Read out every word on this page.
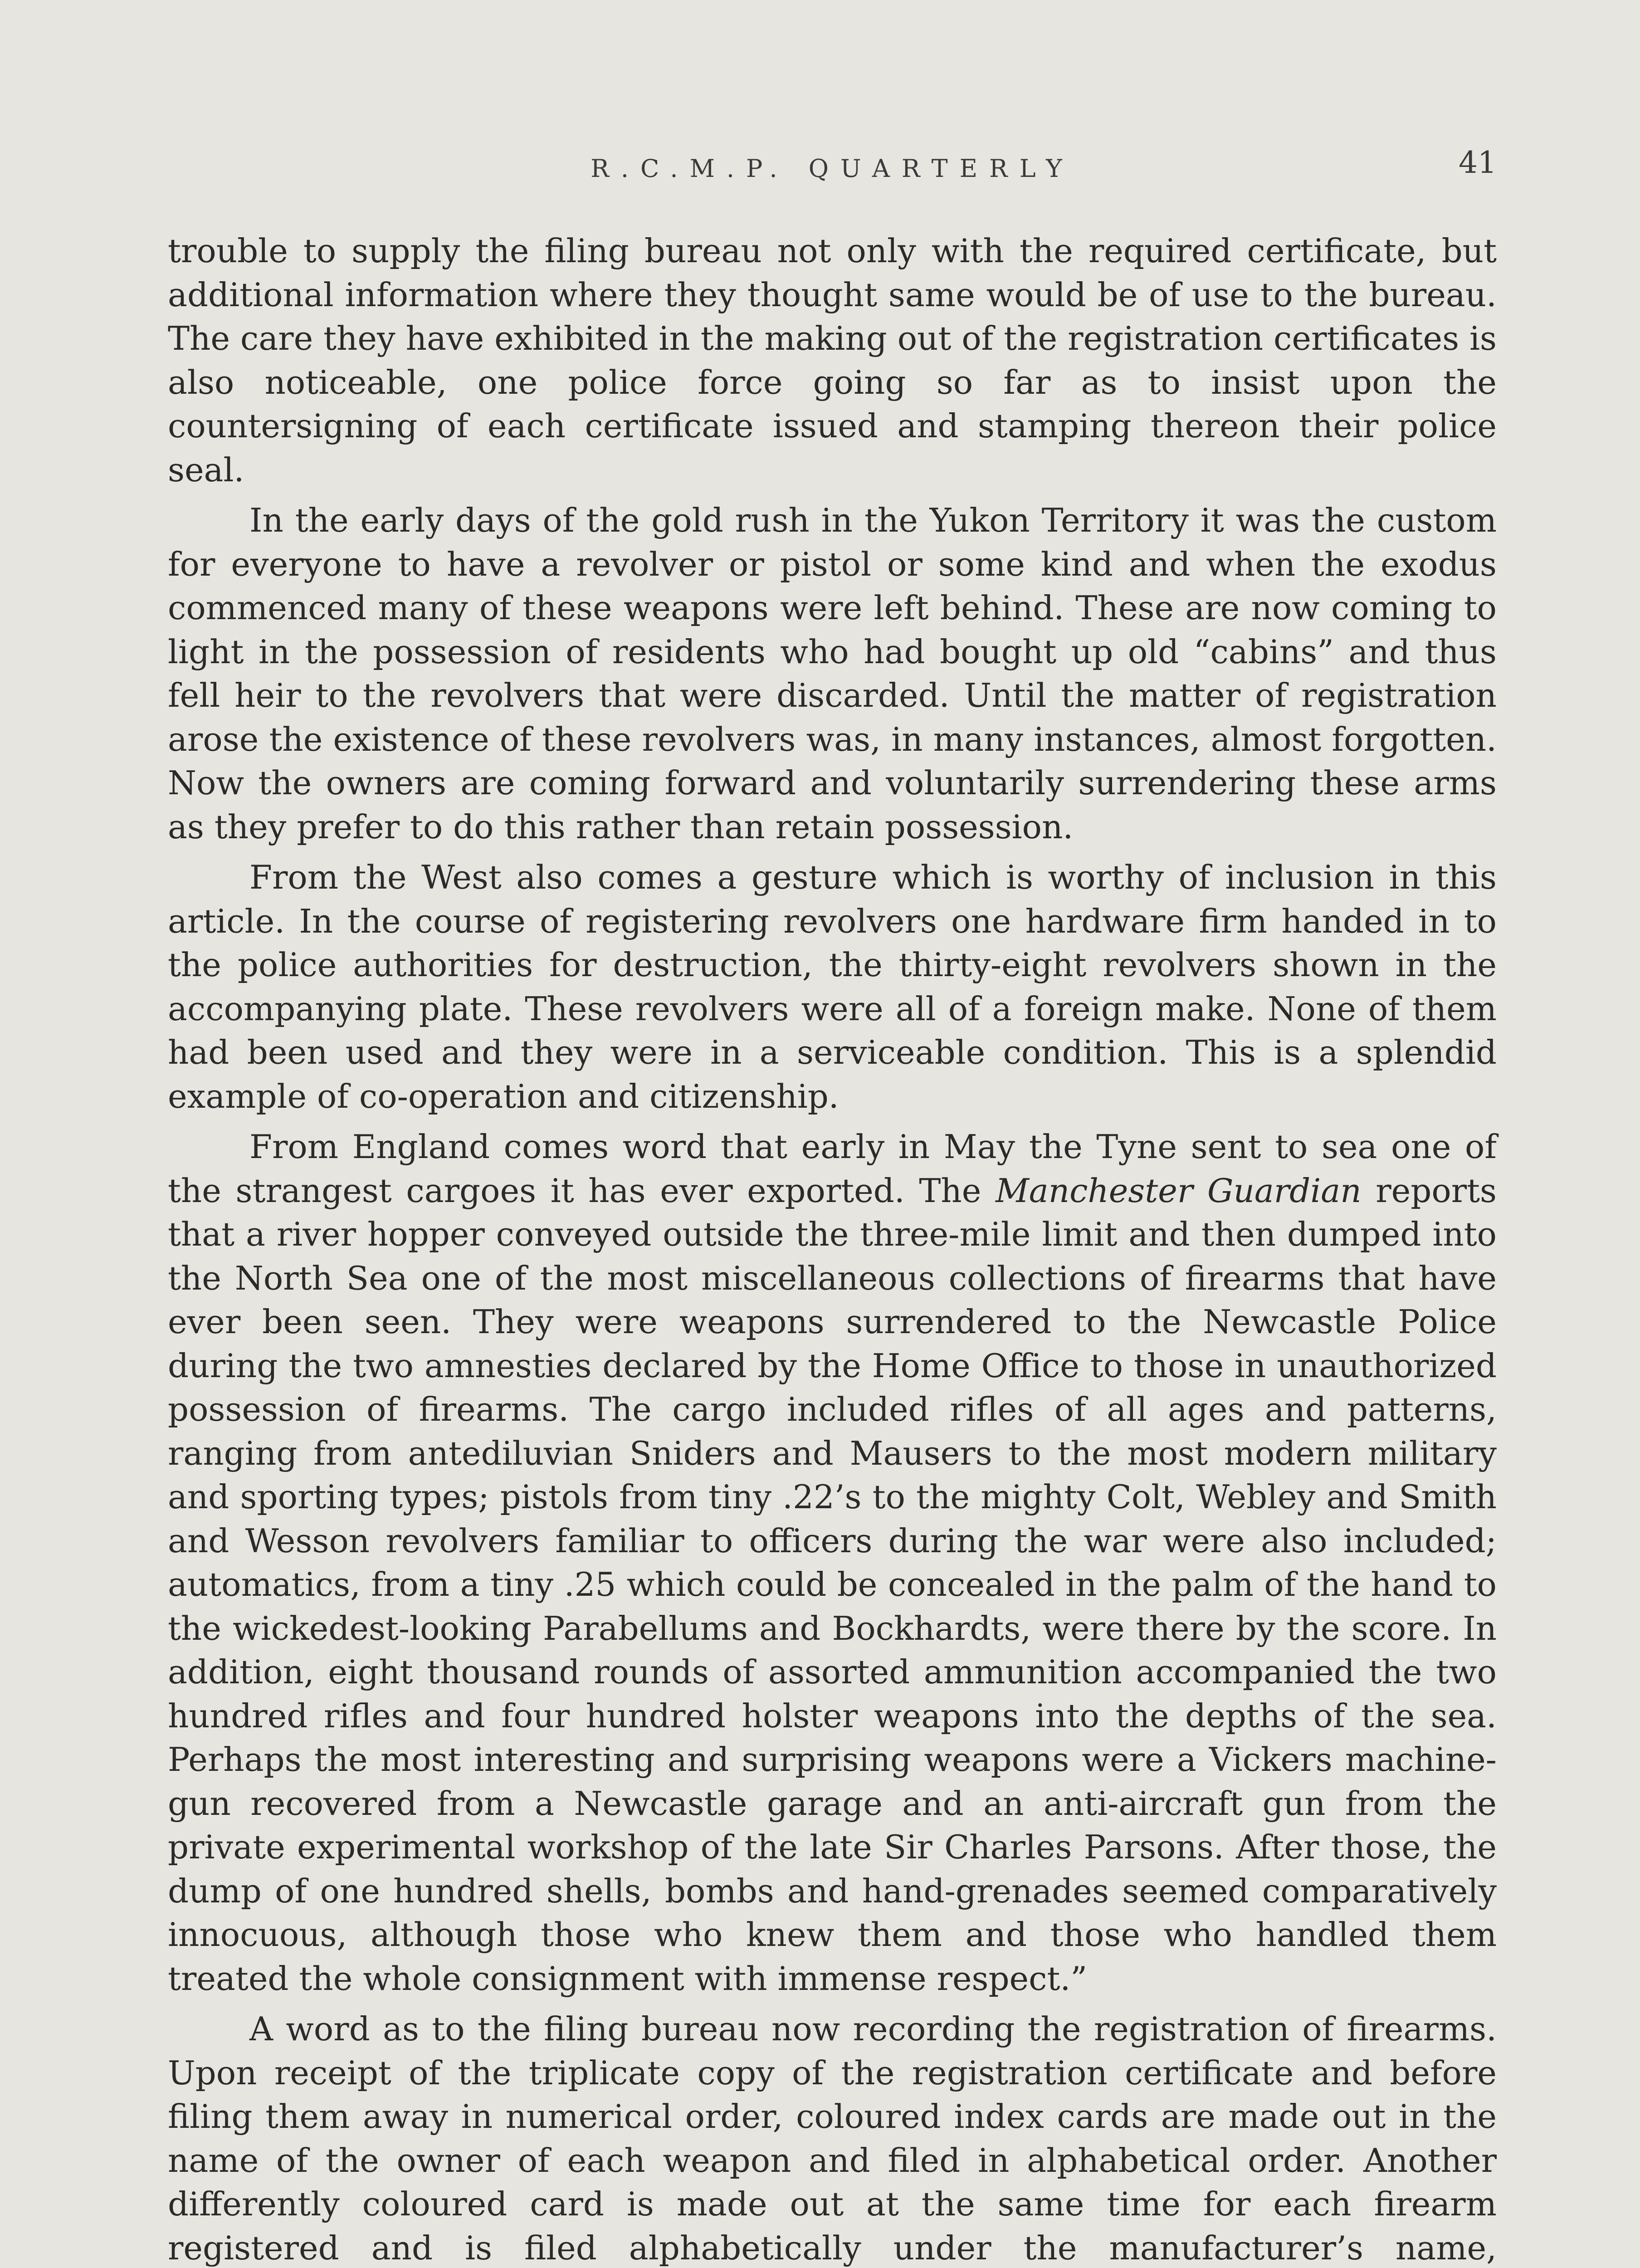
R.C.M.P. QUARTERLY	41

trouble to supply the filing bureau not only with the required certificate, but additional information where they thought same would be of use to the bureau. The care they have exhibited in the making out of the registration certificates is also noticeable, one police force going so far as to insist upon the countersigning of each certificate issued and stamping thereon their police seal.

In the early days of the gold rush in the Yukon Territory it was the custom for everyone to have a revolver or pistol or some kind and when the exodus commenced many of these weapons were left behind. These are now coming to light in the possession of residents who had bought up old “cabins” and thus fell heir to the revolvers that were discarded. Until the matter of registration arose the existence of these revolvers was, in many instances, almost forgotten. Now the owners are coming forward and voluntarily surrendering these arms as they prefer to do this rather than retain possession.

From the West also comes a gesture which is worthy of inclusion in this article. In the course of registering revolvers one hardware firm handed in to the police authorities for destruction, the thirty-eight revolvers shown in the accompanying plate. These revolvers were all of a foreign make. None of them had been used and they were in a serviceable condition. This is a splendid example of co-operation and citizenship.

From England comes word that early in May the Tyne sent to sea one of the strangest cargoes it has ever exported. The Manchester Guardian reports that a river hopper conveyed outside the three-mile limit and then dumped into the North Sea one of the most miscellaneous collections of firearms that have ever been seen. They were weapons surrendered to the Newcastle Police during the two amnesties declared by the Home Office to those in unauthorized possession of firearms. The cargo included rifles of all ages and patterns, ranging from antediluvian Sniders and Mausers to the most modern military and sporting types; pistols from tiny .22’s to the mighty Colt, Webley and Smith and Wesson revolvers familiar to officers during the war were also included; automatics, from a tiny .25 which could be concealed in the palm of the hand to the wickedest-looking Parabellums and Bockhardts, were there by the score. In addition, eight thousand rounds of assorted ammunition accompanied the two hundred rifles and four hundred holster weapons into the depths of the sea. Perhaps the most interesting and surprising weapons were a Vickers machine-gun recovered from a Newcastle garage and an anti-aircraft gun from the private experimental workshop of the late Sir Charles Parsons. After those, the dump of one hundred shells, bombs and hand-grenades seemed comparatively innocuous, although those who knew them and those who handled them treated the whole consignment with immense respect.”

A word as to the filing bureau now recording the registration of firearms. Upon receipt of the triplicate copy of the registration certificate and before filing them away in numerical order, coloured index cards are made out in the name of the owner of each weapon and filed in alphabetical order. Another differently coloured card is made out at the same time for each firearm registered and is filed alphabetically under the manufacturer’s name,
